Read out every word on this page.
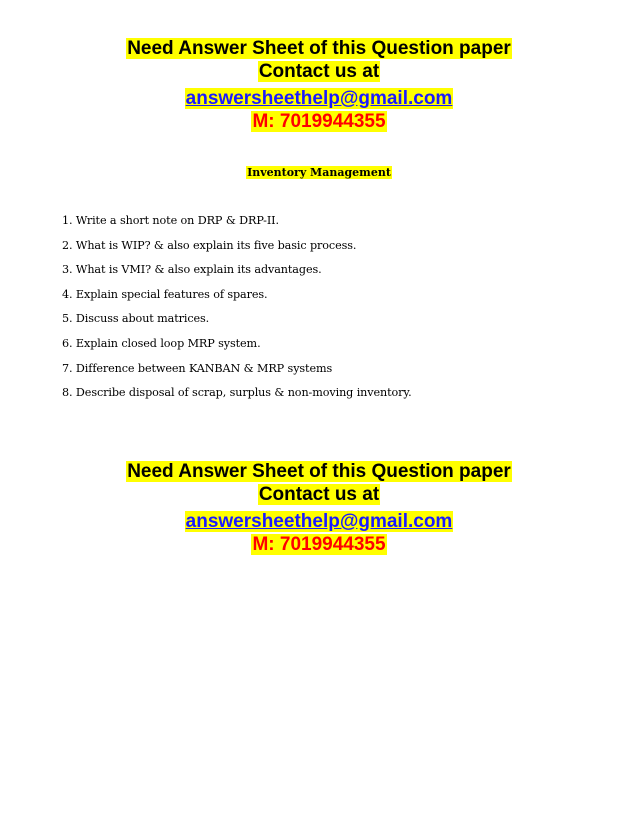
Need Answer Sheet of this Question paper
Contact us at
answersheethelp@gmail.com
M: 7019944355
Inventory Management
1. Write a short note on DRP & DRP-II.
2. What is WIP? & also explain its five basic process.
3. What is VMI? & also explain its advantages.
4. Explain special features of spares.
5. Discuss about matrices.
6. Explain closed loop MRP system.
7. Difference between KANBAN & MRP systems
8. Describe disposal of scrap, surplus & non-moving inventory.
Need Answer Sheet of this Question paper
Contact us at
answersheethelp@gmail.com
M: 7019944355
